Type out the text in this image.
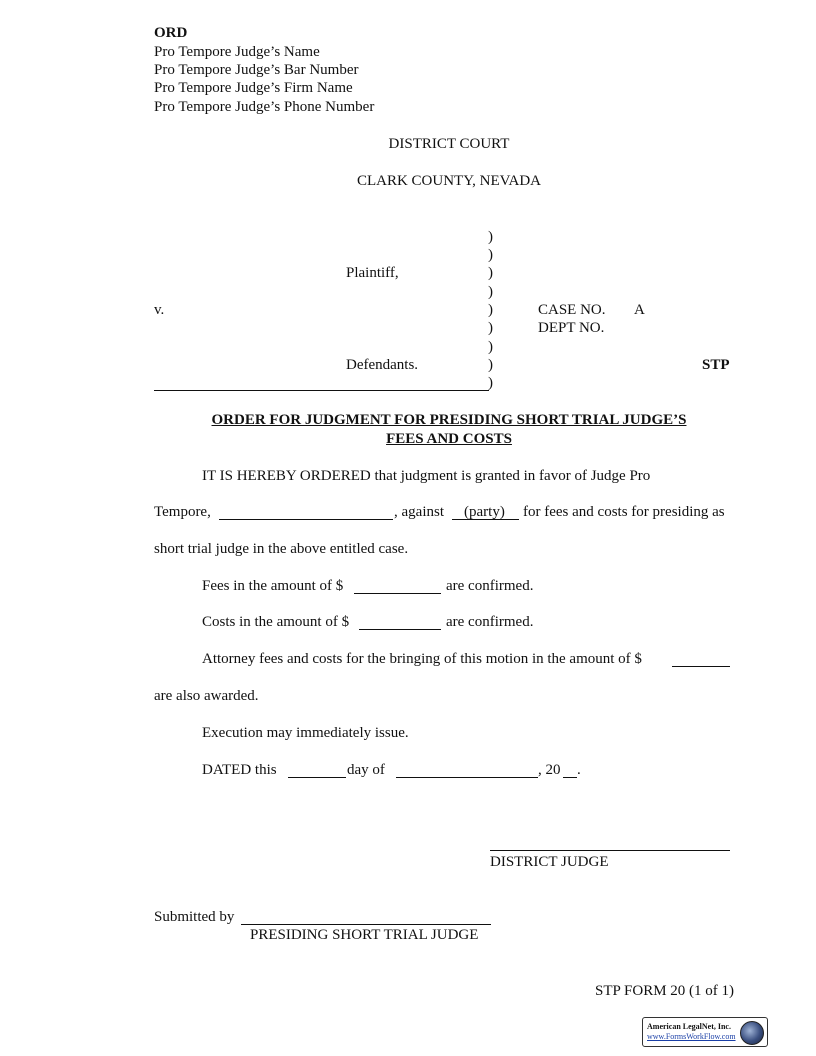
ORD
Pro Tempore Judge’s Name
Pro Tempore Judge’s Bar Number
Pro Tempore Judge’s Firm Name
Pro Tempore Judge’s Phone Number
DISTRICT COURT
CLARK COUNTY, NEVADA
)
)
)
)
)
)
)
)
)
Plaintiff,
v.
Defendants.
CASE NO. A
DEPT NO.
STP
ORDER FOR JUDGMENT FOR PRESIDING SHORT TRIAL JUDGE’S
FEES AND COSTS
IT IS HEREBY ORDERED that judgment is granted in favor of Judge Pro
Tempore,	, against (party) for fees and costs for presiding as
short trial judge in the above entitled case.
Fees in the amount of $	are confirmed.
Costs in the amount of $	are confirmed.
Attorney fees and costs for the bringing of this motion in the amount of $
are also awarded.
Execution may immediately issue.
DATED this	day of	, 20 .
DISTRICT JUDGE
Submitted by
PRESIDING SHORT TRIAL JUDGE
STP FORM 20 (1 of 1)
American LegalNet, Inc.
www.FormsWorkFlow.com
